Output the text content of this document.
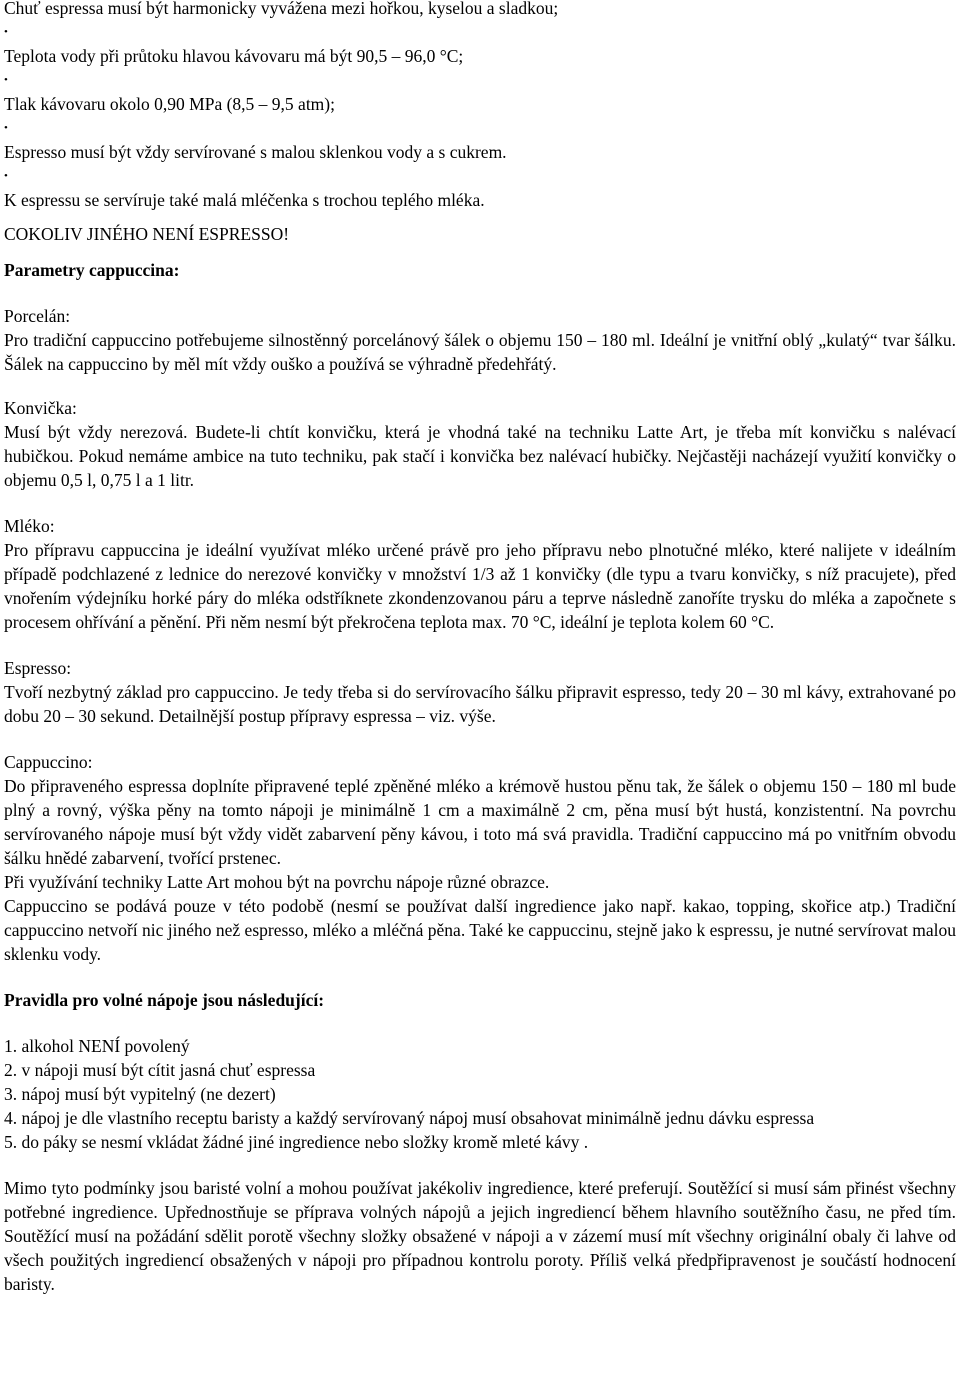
Chuť espressa musí být harmonicky vyvážena mezi hořkou, kyselou a sladkou;

•
Teplota vody při průtoku hlavou kávovaru má být 90,5 – 96,0 °C;
•
Tlak kávovaru okolo 0,90 MPa (8,5 – 9,5 atm);
•
Espresso musí být vždy servírované s malou sklenkou vody a s cukrem.
•
K espressu se servíruje také malá mléčenka s trochou teplého mléka.

COKOLIV JINÉHO NENÍ ESPRESSO!

Parametry cappuccina:

Porcelán:

Pro tradiční cappuccino potřebujeme silnostěnný porcelánový šálek o objemu 150 – 180 ml. Ideální je vnitřní oblý „kulatý“ tvar šálku. Šálek na cappuccino by měl mít vždy ouško a používá se výhradně předehřátý.

Konvička:

Musí být vždy nerezová. Budete-li chtít konvičku, která je vhodná také na techniku Latte Art, je třeba mít konvičku s nalévací hubičkou. Pokud nemáme ambice na tuto techniku, pak stačí i konvička bez nalévací hubičky. Nejčastěji nacházejí využití konvičky o objemu 0,5 l, 0,75 l a 1 litr.

Mléko:

Pro přípravu cappuccina je ideální využívat mléko určené právě pro jeho přípravu nebo plnotučné mléko, které nalijete v ideálním případě podchlazené z lednice do nerezové konvičky v množství 1/3 až 1 konvičky (dle typu a tvaru konvičky, s níž pracujete), před vnořením výdejníku horké páry do mléka odstříknete zkondenzovanou páru a teprve následně zanoříte trysku do mléka a započnete s procesem ohřívání a pěnění. Při něm nesmí být překročena teplota max. 70 °C, ideální je teplota kolem 60 °C.

Espresso:

Tvoří nezbytný základ pro cappuccino. Je tedy třeba si do servírovacího šálku připravit espresso, tedy 20 – 30 ml kávy, extrahované po dobu 20 – 30 sekund. Detailnější postup přípravy espressa – viz. výše.

Cappuccino:

Do připraveného espressa doplníte připravené teplé zpěněné mléko a krémově hustou pěnu tak, že šálek o objemu 150 – 180 ml bude plný a rovný, výška pěny na tomto nápoji je minimálně 1 cm a maximálně 2 cm, pěna musí být hustá, konzistentní. Na povrchu servírovaného nápoje musí být vždy vidět zabarvení pěny kávou, i toto má svá pravidla. Tradiční cappuccino má po vnitřním obvodu šálku hnědé zabarvení, tvořící prstenec.

Při využívání techniky Latte Art mohou být na povrchu nápoje různé obrazce.

Cappuccino se podává pouze v této podobě (nesmí se používat další ingredience jako např. kakao, topping, skořice atp.) Tradiční cappuccino netvoří nic jiného než espresso, mléko a mléčná pěna. Také ke cappuccinu, stejně jako k espressu, je nutné servírovat malou sklenku vody.

Pravidla pro volné nápoje jsou následující:

1. alkohol NENÍ povolený

2. v nápoji musí být cítit jasná chuť espressa

3. nápoj musí být vypitelný (ne dezert)

4. nápoj je dle vlastního receptu baristy a každý servírovaný nápoj musí obsahovat minimálně jednu dávku espressa

5. do páky se nesmí vkládat žádné jiné ingredience nebo složky kromě mleté kávy .

Mimo tyto podmínky jsou baristé volní a mohou používat jakékoliv ingredience, které preferují. Soutěžící si musí sám přinést všechny potřebné ingredience. Upřednostňuje se příprava volných nápojů a jejich ingrediencí během hlavního soutěžního času, ne před tím. Soutěžící musí na požádání sdělit porotě všechny složky obsažené v nápoji a v zázemí musí mít všechny originální obaly či lahve od všech použitých ingrediencí obsažených v nápoji pro případnou kontrolu poroty. Příliš velká předpřipravenost je součástí hodnocení baristy.
